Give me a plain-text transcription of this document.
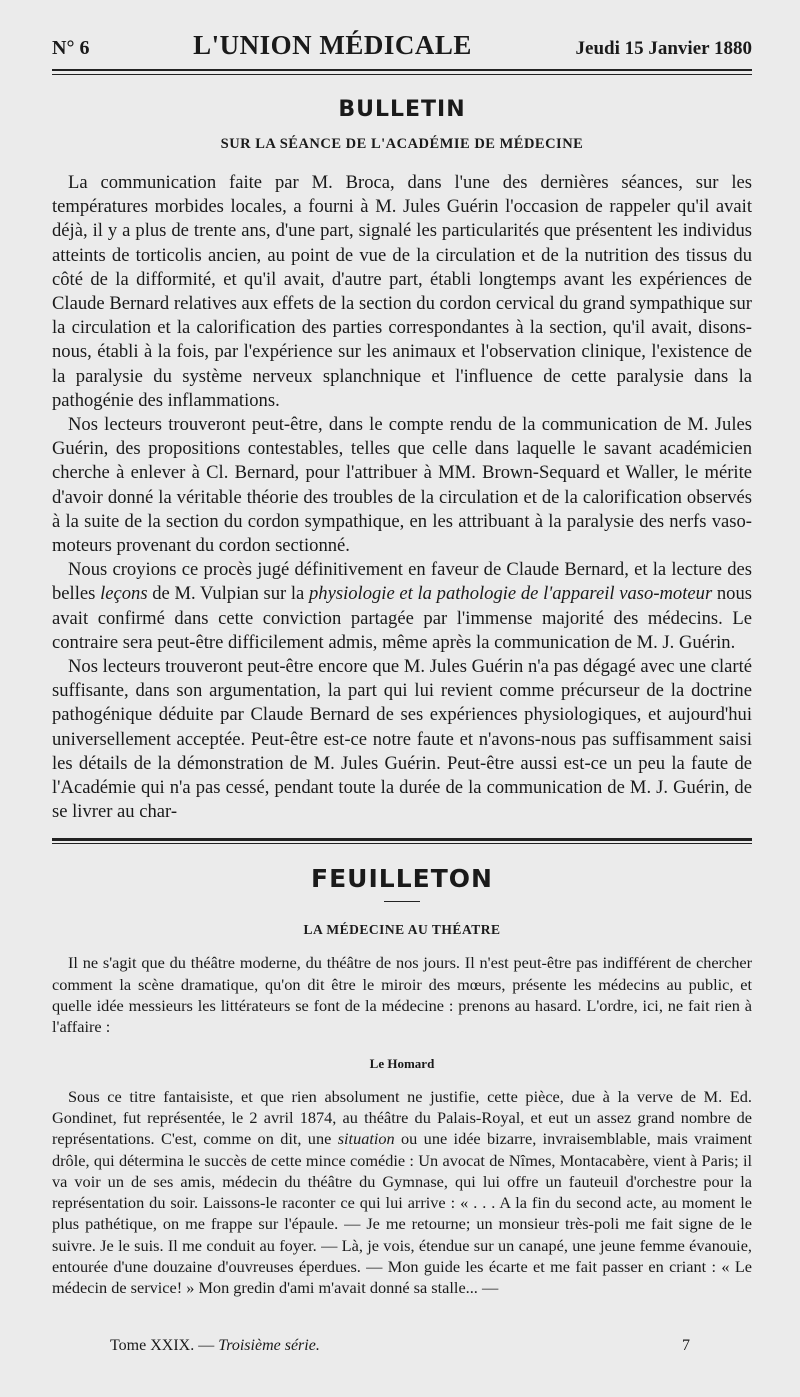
N° 6	L'UNION MÉDICALE	Jeudi 15 Janvier 1880
BULLETIN
SUR LA SÉANCE DE L'ACADÉMIE DE MÉDECINE

La communication faite par M. Broca, dans l'une des dernières séances, sur les températures morbides locales, a fourni à M. Jules Guérin l'occasion de rappeler qu'il avait déjà, il y a plus de trente ans, d'une part, signalé les particularités que présentent les individus atteints de torticolis ancien, au point de vue de la circulation et de la nutrition des tissus du côté de la difformité, et qu'il avait, d'autre part, établi longtemps avant les expériences de Claude Bernard relatives aux effets de la section du cordon cervical du grand sympathique sur la circulation et la calorification des parties correspondantes à la section, qu'il avait, disons-nous, établi à la fois, par l'expérience sur les animaux et l'observation clinique, l'existence de la paralysie du système nerveux splanchnique et l'influence de cette paralysie dans la pathogénie des inflammations.

Nos lecteurs trouveront peut-être, dans le compte rendu de la communication de M. Jules Guérin, des propositions contestables, telles que celle dans laquelle le savant académicien cherche à enlever à Cl. Bernard, pour l'attribuer à MM. Brown-Sequard et Waller, le mérite d'avoir donné la véritable théorie des troubles de la circulation et de la calorification observés à la suite de la section du cordon sympathique, en les attribuant à la paralysie des nerfs vaso-moteurs provenant du cordon sectionné.

Nous croyions ce procès jugé définitivement en faveur de Claude Bernard, et la lecture des belles leçons de M. Vulpian sur la physiologie et la pathologie de l'appareil vaso-moteur nous avait confirmé dans cette conviction partagée par l'immense majorité des médecins. Le contraire sera peut-être difficilement admis, même après la communication de M. J. Guérin.

Nos lecteurs trouveront peut-être encore que M. Jules Guérin n'a pas dégagé avec une clarté suffisante, dans son argumentation, la part qui lui revient comme précurseur de la doctrine pathogénique déduite par Claude Bernard de ses expériences physiologiques, et aujourd'hui universellement acceptée. Peut-être est-ce notre faute et n'avons-nous pas suffisamment saisi les détails de la démonstration de M. Jules Guérin. Peut-être aussi est-ce un peu la faute de l'Académie qui n'a pas cessé, pendant toute la durée de la communication de M. J. Guérin, de se livrer au char-

FEUILLETON
LA MÉDECINE AU THÉATRE

Il ne s'agit que du théâtre moderne, du théâtre de nos jours. Il n'est peut-être pas indifférent de chercher comment la scène dramatique, qu'on dit être le miroir des mœurs, présente les médecins au public, et quelle idée messieurs les littérateurs se font de la médecine : prenons au hasard. L'ordre, ici, ne fait rien à l'affaire :

Le Homard

Sous ce titre fantaisiste, et que rien absolument ne justifie, cette pièce, due à la verve de M. Ed. Gondinet, fut représentée, le 2 avril 1874, au théâtre du Palais-Royal, et eut un assez grand nombre de représentations. C'est, comme on dit, une situation ou une idée bizarre, invraisemblable, mais vraiment drôle, qui détermina le succès de cette mince comédie : Un avocat de Nîmes, Montacabère, vient à Paris; il va voir un de ses amis, médecin du théâtre du Gymnase, qui lui offre un fauteuil d'orchestre pour la représentation du soir. Laissons-le raconter ce qui lui arrive : « . . . A la fin du second acte, au moment le plus pathétique, on me frappe sur l'épaule. — Je me retourne; un monsieur très-poli me fait signe de le suivre. Je le suis. Il me conduit au foyer. — Là, je vois, étendue sur un canapé, une jeune femme évanouie, entourée d'une douzaine d'ouvreuses éperdues. — Mon guide les écarte et me fait passer en criant : « Le médecin de service! » Mon gredin d'ami m'avait donné sa stalle... —

Tome XXIX. — Troisième série.	7
